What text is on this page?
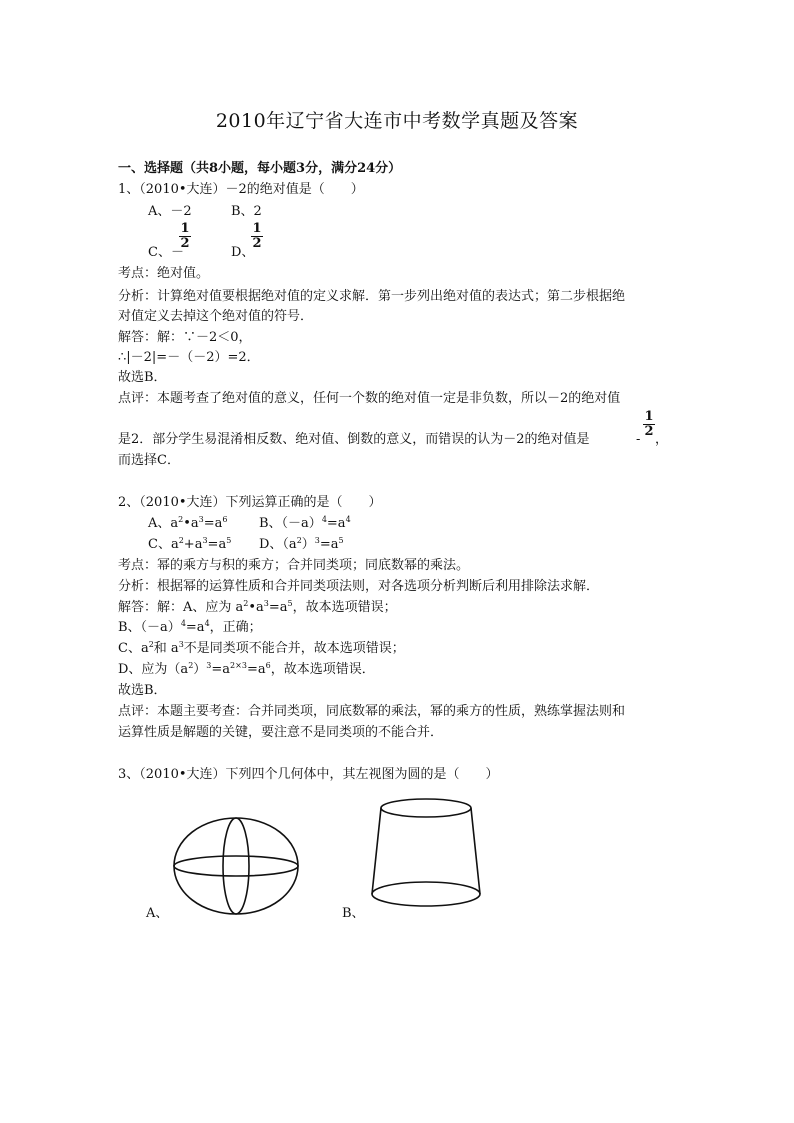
2010年辽宁省大连市中考数学真题及答案
一、选择题（共8小题，每小题3分，满分24分）
1、（2010•大连）－2的绝对值是（　　）
A、－2	B、2
$\frac{1}{2}$
C、－
$\frac{1}{2}$
D、
考点：绝对值。
分析：计算绝对值要根据绝对值的定义求解．第一步列出绝对值的表达式；第二步根据绝
对值定义去掉这个绝对值的符号．
解答：解：∵－2＜0，
∴|－2|=－（－2）=2．
故选B．
点评：本题考查了绝对值的意义，任何一个数的绝对值一定是非负数，所以－2的绝对值
是2．部分学生易混淆相反数、绝对值、倒数的意义，而错误的认为－2的绝对值是	-
$\frac{1}{2}$
，
而选择C．
2、（2010•大连）下列运算正确的是（　　）
A、$a^2•a^3=a^6$ B、$(-a)^4=a^4$
C、$a^2+a^3=a^5$ D、$(a^2)^3=a^5$
考点：幂的乘方与积的乘方；合并同类项；同底数幂的乘法。
分析：根据幂的运算性质和合并同类项法则，对各选项分析判断后利用排除法求解．
解答：解：A、应为 $a^2•a^3=a^5$，故本选项错误；
B、$(-a)^4=a^4$，正确；
C、$a^2$和 $a^3$不是同类项不能合并，故本选项错误；
D、应为$(a^2)^3=a^{2\times 3}=a^6$，故本选项错误．
故选B．
点评：本题主要考查：合并同类项，同底数幂的乘法，幂的乘方的性质，熟练掌握法则和
运算性质是解题的关键，要注意不是同类项的不能合并．
3、（2010•大连）下列四个几何体中，其左视图为圆的是（　　）
A、	B、
